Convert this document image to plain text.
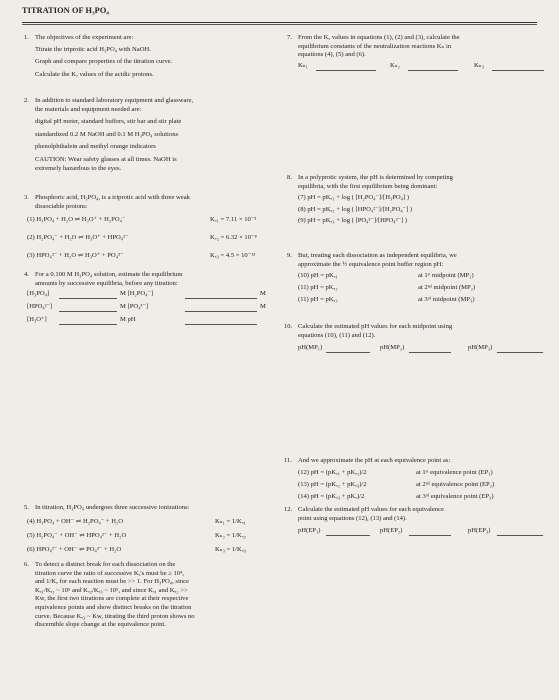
TITRATION OF H₃PO₄
1. The objectives of the experiment are:
Titrate the triprotic acid H₃PO₄ with NaOH.
Graph and compare properties of the titration curve.
Calculate the Kₐ values of the acidic protons.
2. In addition to standard laboratory equipment and glassware,
the materials and equipment needed are:
digital pH meter, standard buffers, stir bar and stir plate
standardized 0.2 M NaOH and 0.1 M H₃PO₄ solutions
phenolphthalein and methyl orange indicators
CAUTION: Wear safety glasses at all times. NaOH is
extremely hazardous to the eyes.
3. Phosphoric acid, H₃PO₄, is a triprotic acid with three weak
dissociable protons:
(1) H₃PO₄ + H₂O ⇌ H₃O⁺ + H₂PO₄⁻	Kₐ₁ = 7.11 × 10⁻³
(2) H₂PO₄⁻ + H₂O ⇌ H₃O⁺ + HPO₄²⁻	Kₐ₂ = 6.32 × 10⁻⁸
(3) HPO₄²⁻ + H₂O ⇌ H₃O⁺ + PO₄³⁻	Kₐ₃ = 4.5 × 10⁻¹³
4. For a 0.100 M H₃PO₄ solution, estimate the equilibrium
amounts by successive equilibria, before any titration:
[H₃PO₄]	M [H₂PO₄⁻]	M
[HPO₄²⁻]	M [PO₄³⁻]	M
[H₃O⁺]	M pH
5. In titration, H₃PO₄ undergoes three successive ionizations:
(4) H₃PO₄ + OH⁻ ⇌ H₂PO₄⁻ + H₂O	Kₙ₁ = 1/Kₐ₁
(5) H₂PO₄⁻ + OH⁻ ⇌ HPO₄²⁻ + H₂O	Kₙ₂ = 1/Kₐ₂
(6) HPO₄²⁻ + OH⁻ ⇌ PO₄³⁻ + H₂O	Kₙ₃ = 1/Kₐ₃
6. To detect a distinct break for each dissociation on the
titration curve the ratio of successive Kₐ's must be ≥ 10⁴,
and 1/Kₐ for each reaction must be >> 1. For H₃PO₄, since
Kₐ₁/Kₐ₂ ~ 10⁵ and Kₐ₂/Kₐ₃ ~ 10⁵, and since Kₐ₁ and Kₐ₂ >>
Kw, the first two titrations are complete at their respective
equivalence points and show distinct breaks on the titration
curve. Because Kₐ₃ ~ Kw, titrating the third proton shows no
discernible slope change at the equivalence point.
7. From the Kₐ values in equations (1), (2) and (3), calculate the
equilibrium constants of the neutralization reactions Kₙ in
equations (4), (5) and (6).
Kₙ₁	Kₙ₂	Kₙ₃
8. In a polyprotic system, the pH is determined by competing
equilibria, with the first equilibrium being dominant:
(7) pH = pKₐ₁ + log ( [H₂PO₄⁻]/[H₃PO₄] )
(8) pH = pKₐ₂ + log ( [HPO₄²⁻]/[H₂PO₄⁻] )
(9) pH = pKₐ₃ + log ( [PO₄³⁻]/[HPO₄²⁻] )
9. But, treating each dissociation as independent equilibria, we
approximate the ½ equivalence point buffer region pH:
(10) pH = pKₐ₁	at 1ˢᵗ midpoint (MP₁)
(11) pH = pKₐ₂	at 2ⁿᵈ midpoint (MP₂)
(11) pH = pKₐ₃	at 3ʳᵈ midpoint (MP₃)
10. Calculate the estimated pH values for each midpoint using
equations (10), (11) and (12).
pH(MP₁)	pH(MP₂)	pH(MP₃)
11. And we approximate the pH at each equivalence point as:
(12) pH = (pKₐ₁ + pKₐ₂)/2	at 1ˢᵗ equivalence point (EP₁)
(13) pH = (pKₐ₂ + pKₐ₃)/2	at 2ⁿᵈ equivalence point (EP₂)
(14) pH = (pKₐ₃ + pKₓ)/2	at 3ʳᵈ equivalence point (EP₃)
12. Calculate the estimated pH values for each equivalence
point using equations (12), (13) and (14).
pH(EP₁)	pH(EP₂)	pH(EP₃)
